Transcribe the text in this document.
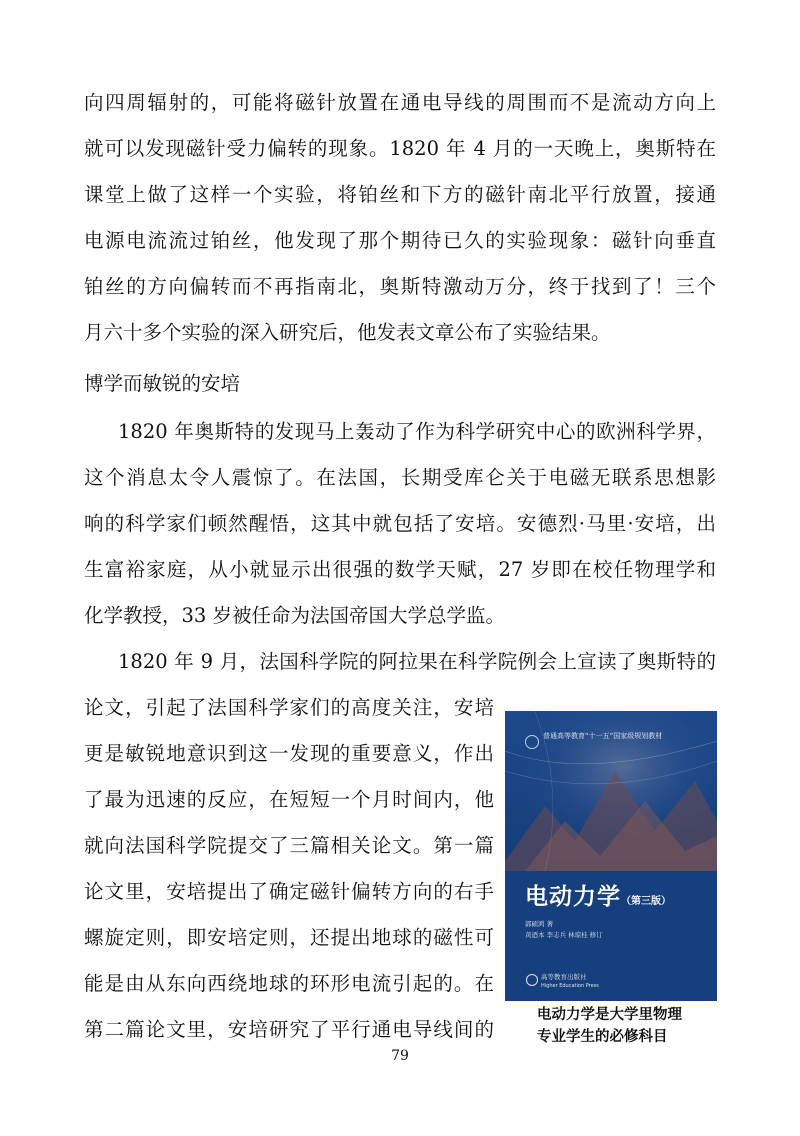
向四周辐射的，可能将磁针放置在通电导线的周围而不是流动方向上
就可以发现磁针受力偏转的现象。1820 年 4 月的一天晚上，奥斯特在
课堂上做了这样一个实验，将铂丝和下方的磁针南北平行放置，接通
电源电流流过铂丝，他发现了那个期待已久的实验现象：磁针向垂直
铂丝的方向偏转而不再指南北，奥斯特激动万分，终于找到了！三个
月六十多个实验的深入研究后，他发表文章公布了实验结果。
博学而敏锐的安培
1820 年奥斯特的发现马上轰动了作为科学研究中心的欧洲科学界，
这个消息太令人震惊了。在法国，长期受库仑关于电磁无联系思想影
响的科学家们顿然醒悟，这其中就包括了安培。安德烈·马里·安培，出
生富裕家庭，从小就显示出很强的数学天赋，27 岁即在校任物理学和
化学教授，33 岁被任命为法国帝国大学总学监。
1820 年 9 月，法国科学院的阿拉果在科学院例会上宣读了奥斯特的
论文，引起了法国科学家们的高度关注，安培
更是敏锐地意识到这一发现的重要意义，作出
了最为迅速的反应，在短短一个月时间内，他
就向法国科学院提交了三篇相关论文。第一篇
论文里，安培提出了确定磁针偏转方向的右手
螺旋定则，即安培定则，还提出地球的磁性可
能是由从东向西绕地球的环形电流引起的。在
第二篇论文里，安培研究了平行通电导线间的
普通高等教育“十一五”国家级规划教材
电动力学（第三版）
郭硕鸿 著
黄迺本 李志兵 林琼桂 修订
高等教育出版社
Higher Education Press
电动力学是大学里物理
专业学生的必修科目
79
